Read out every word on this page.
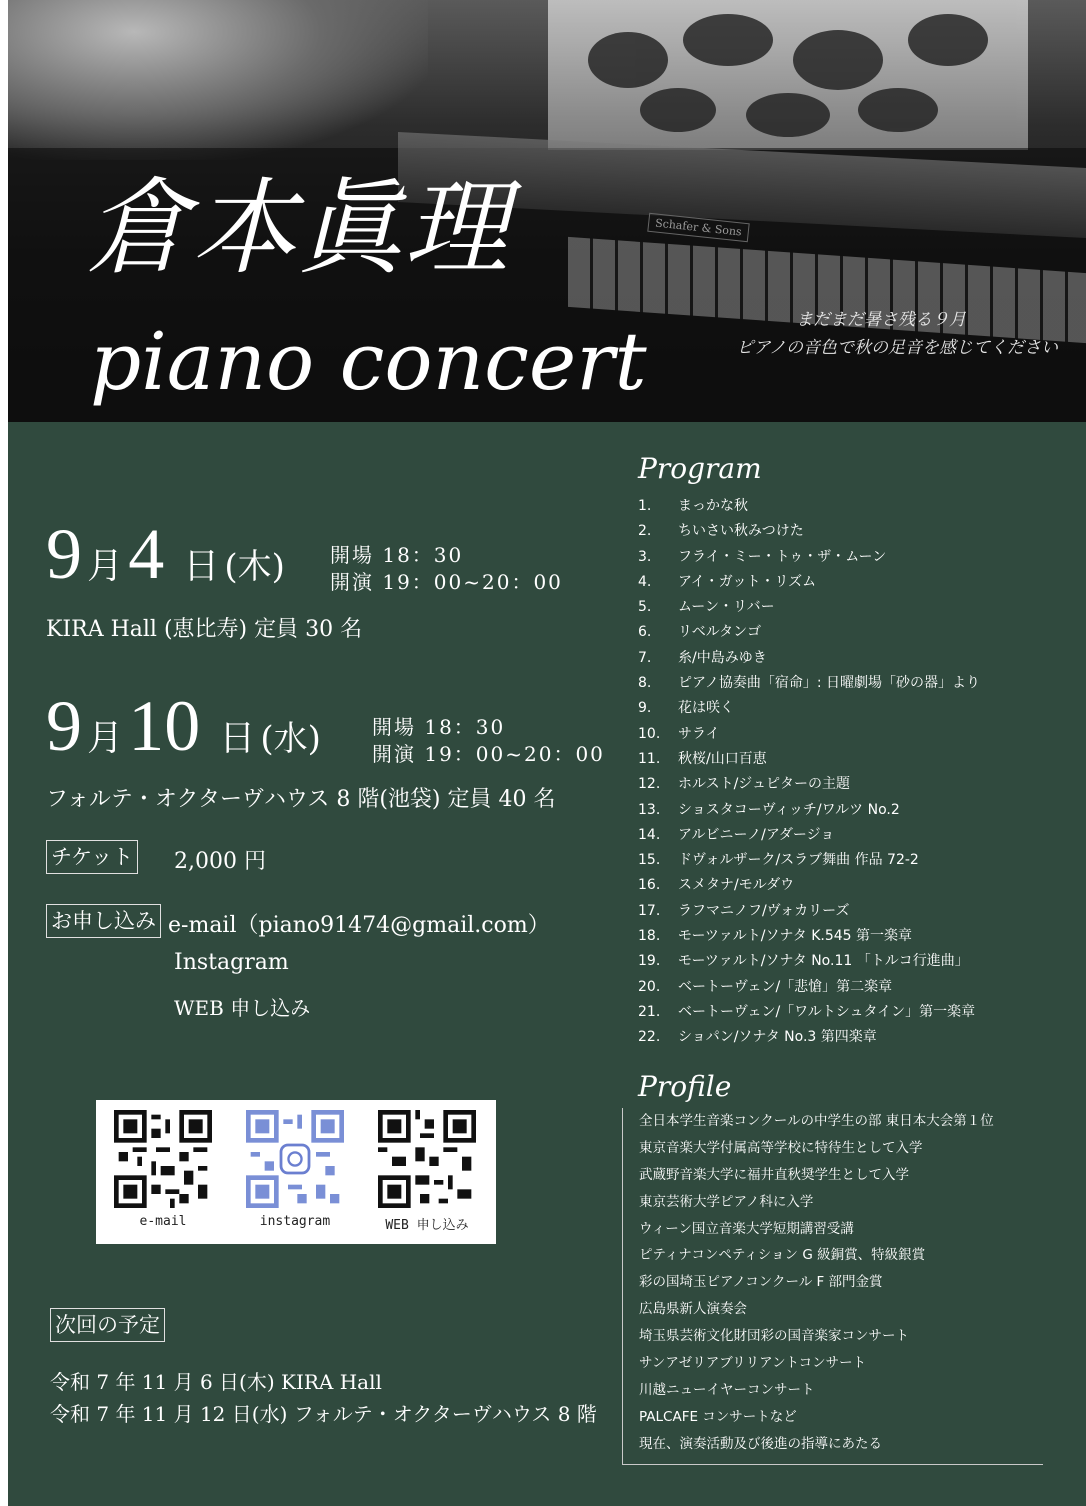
Schafer & Sons
倉本眞理
piano concert	まだまだ暑さ残る９月
ピアノの音色で秋の足音を感じてください
9 月 4 日 (木) 開場 18：30
開演 19：00~20：00
KIRA Hall (恵比寿) 定員 30 名
9 月 10 日 (水)	開場 18：30
開演 19：00~20：00
フォルテ・オクターヴハウス 8 階(池袋) 定員 40 名
チケット 2,000 円
お申し込み e-mail（piano91474@gmail.com）
Instagram
WEB 申し込み
e-mail	instagram	WEB 申し込み
次回の予定
令和 7 年 11 月 6 日(木) KIRA Hall
令和 7 年 11 月 12 日(水) フォルテ・オクターヴハウス 8 階
Program
1. まっかな秋
2. ちいさい秋みつけた
3. フライ・ミー・トゥ・ザ・ムーン
4. アイ・ガット・リズム
5. ムーン・リバー
6. リベルタンゴ
7. 糸/中島みゆき
8. ピアノ協奏曲「宿命」: 日曜劇場「砂の器」より
9. 花は咲く
10. サライ
11. 秋桜/山口百恵
12. ホルスト/ジュピターの主題
13. ショスタコーヴィッチ/ワルツ No.2
14. アルビニーノ/アダージョ
15. ドヴォルザーク/スラブ舞曲 作品 72-2
16. スメタナ/モルダウ
17. ラフマニノフ/ヴォカリーズ
18. モーツァルト/ソナタ K.545 第一楽章
19. モーツァルト/ソナタ No.11 「トルコ行進曲」
20. ベートーヴェン/「悲愴」第二楽章
21. ベートーヴェン/「ワルトシュタイン」第一楽章
22. ショパン/ソナタ No.3 第四楽章
Profile
全日本学生音楽コンクールの中学生の部 東日本大会第１位
東京音楽大学付属高等学校に特待生として入学
武蔵野音楽大学に福井直秋奨学生として入学
東京芸術大学ピアノ科に入学
ウィーン国立音楽大学短期講習受講
ピティナコンペティション G 級銅賞、特級銀賞
彩の国埼玉ピアノコンクール F 部門金賞
広島県新人演奏会
埼玉県芸術文化財団彩の国音楽家コンサート
サンアゼリアブリリアントコンサート
川越ニューイヤーコンサート
PALCAFE コンサートなど
現在、演奏活動及び後進の指導にあたる
